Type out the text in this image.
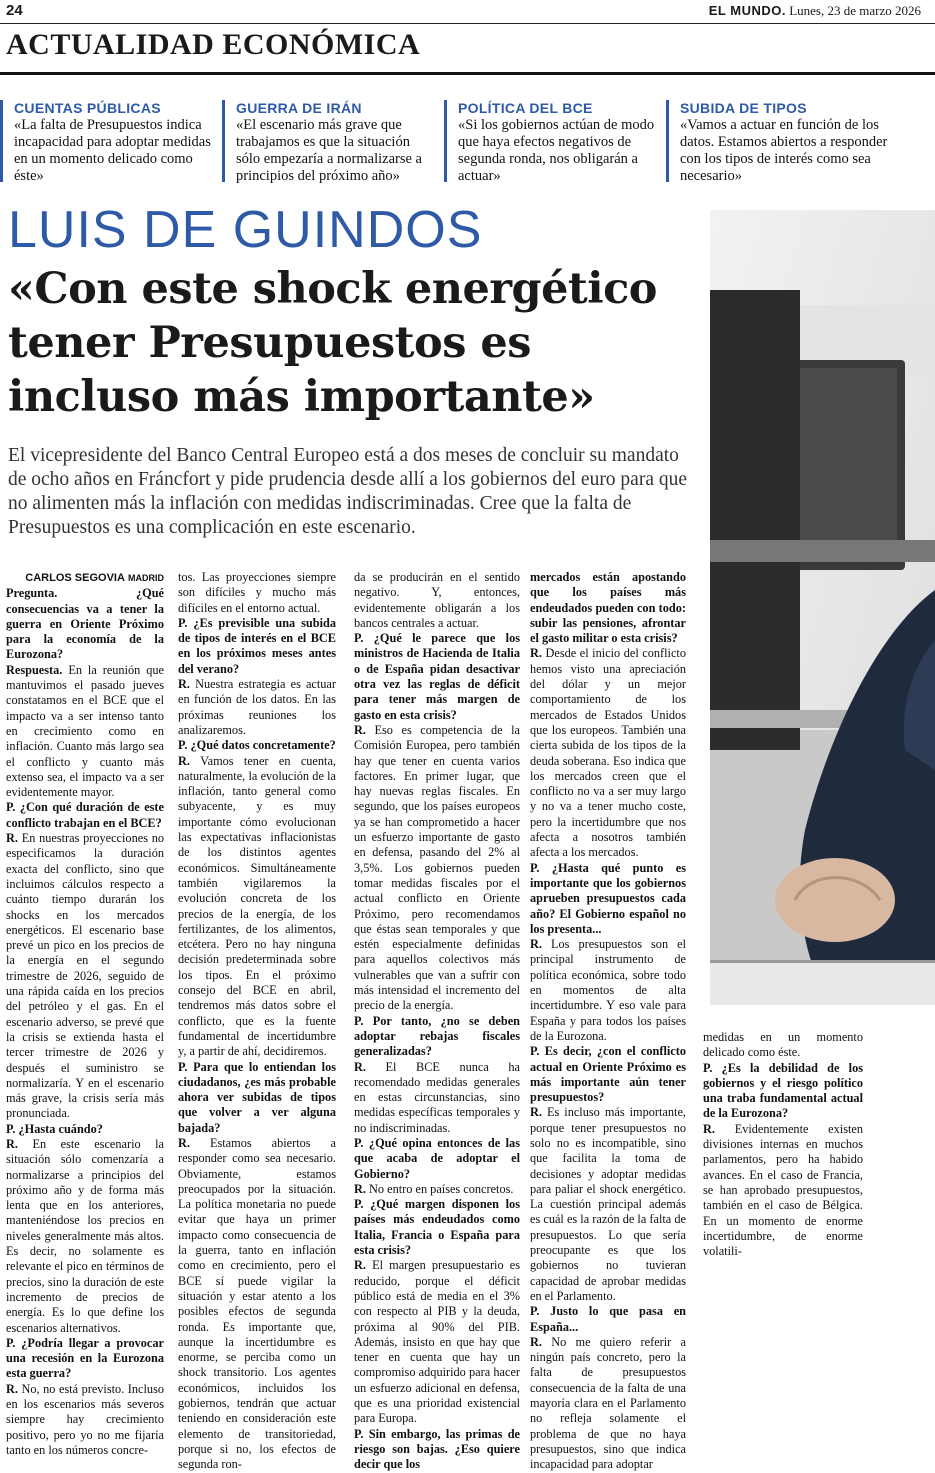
24	EL MUNDO. Lunes, 23 de marzo 2026
ACTUALIDAD ECONÓMICA
CUENTAS PÚBLICAS
«La falta de Presupuestos indica incapacidad para adoptar medidas en un momento delicado como éste»
GUERRA DE IRÁN
«El escenario más grave que trabajamos es que la situación sólo empezaría a normalizarse a principios del próximo año»
POLÍTICA DEL BCE
«Si los gobiernos actúan de modo que haya efectos negativos de segunda ronda, nos obligarán a actuar»
SUBIDA DE TIPOS
«Vamos a actuar en función de los datos. Estamos abiertos a responder con los tipos de interés como sea necesario»
LUIS DE GUINDOS
«Con este shock energético tener Presupuestos es incluso más importante»
El vicepresidente del Banco Central Europeo está a dos meses de concluir su mandato de ocho años en Fráncfort y pide prudencia desde allí a los gobiernos del euro para que no alimenten más la inflación con medidas indiscriminadas. Cree que la falta de Presupuestos es una complicación en este escenario.

CARLOS SEGOVIA MADRID

Pregunta. ¿Qué consecuencias va a tener la guerra en Oriente Próximo para la economía de la Eurozona?

Respuesta. En la reunión que mantuvimos el pasado jueves constatamos en el BCE que el impacto va a ser intenso tanto en crecimiento como en inflación. Cuanto más largo sea el conflicto y cuanto más extenso sea, el impacto va a ser evidentemente mayor.

P. ¿Con qué duración de este conflicto trabajan en el BCE?

R. En nuestras proyecciones no especificamos la duración exacta del conflicto, sino que incluimos cálculos respecto a cuánto tiempo durarán los shocks en los mercados energéticos. El escenario base prevé un pico en los precios de la energía en el segundo trimestre de 2026, seguido de una rápida caída en los precios del petróleo y el gas. En el escenario adverso, se prevé que la crisis se extienda hasta el tercer trimestre de 2026 y después el suministro se normalizaría. Y en el escenario más grave, la crisis sería más pronunciada.

P. ¿Hasta cuándo?

R. En este escenario la situación sólo comenzaría a normalizarse a principios del próximo año y de forma más lenta que en los anteriores, manteniéndose los precios en niveles generalmente más altos. Es decir, no solamente es relevante el pico en términos de precios, sino la duración de este incremento de precios de energía. Es lo que define los escenarios alternativos.

P. ¿Podría llegar a provocar una recesión en la Eurozona esta guerra?

R. No, no está previsto. Incluso en los escenarios más severos siempre hay crecimiento positivo, pero yo no me fijaría tanto en los números concre-

tos. Las proyecciones siempre son difíciles y mucho más difíciles en el entorno actual.

P. ¿Es previsible una subida de tipos de interés en el BCE en los próximos meses antes del verano?

R. Nuestra estrategia es actuar en función de los datos. En las próximas reuniones los analizaremos.

P. ¿Qué datos concretamente?

R. Vamos tener en cuenta, naturalmente, la evolución de la inflación, tanto general como subyacente, y es muy importante cómo evolucionan las expectativas inflacionistas de los distintos agentes económicos. Simultáneamente también vigilaremos la evolución concreta de los precios de la energía, de los fertilizantes, de los alimentos, etcétera. Pero no hay ninguna decisión predeterminada sobre los tipos. En el próximo consejo del BCE en abril, tendremos más datos sobre el conflicto, que es la fuente fundamental de incertidumbre y, a partir de ahí, decidiremos.

P. Para que lo entiendan los ciudadanos, ¿es más probable ahora ver subidas de tipos que volver a ver alguna bajada?

R. Estamos abiertos a responder como sea necesario. Obviamente, estamos preocupados por la situación. La política monetaria no puede evitar que haya un primer impacto como consecuencia de la guerra, tanto en inflación como en crecimiento, pero el BCE sí puede vigilar la situación y estar atento a los posibles efectos de segunda ronda. Es importante que, aunque la incertidumbre es enorme, se perciba como un shock transitorio. Los agentes económicos, incluidos los gobiernos, tendrán que actuar teniendo en consideración este elemento de transitoriedad, porque si no, los efectos de segunda ron-

da se producirán en el sentido negativo. Y, entonces, evidentemente obligarán a los bancos centrales a actuar.

P. ¿Qué le parece que los ministros de Hacienda de Italia o de España pidan desactivar otra vez las reglas de déficit para tener más margen de gasto en esta crisis?

R. Eso es competencia de la Comisión Europea, pero también hay que tener en cuenta varios factores. En primer lugar, que hay nuevas reglas fiscales. En segundo, que los países europeos ya se han comprometido a hacer un esfuerzo importante de gasto en defensa, pasando del 2% al 3,5%. Los gobiernos pueden tomar medidas fiscales por el actual conflicto en Oriente Próximo, pero recomendamos que éstas sean temporales y que estén especialmente definidas para aquellos colectivos más vulnerables que van a sufrir con más intensidad el incremento del precio de la energía.

P. Por tanto, ¿no se deben adoptar rebajas fiscales generalizadas?

R. El BCE nunca ha recomendado medidas generales en estas circunstancias, sino medidas específicas temporales y no indiscriminadas.

P. ¿Qué opina entonces de las que acaba de adoptar el Gobierno?

R. No entro en países concretos.

P. ¿Qué margen disponen los países más endeudados como Italia, Francia o España para esta crisis?

R. El margen presupuestario es reducido, porque el déficit público está de media en el 3% con respecto al PIB y la deuda, próxima al 90% del PIB. Además, insisto en que hay que tener en cuenta que hay un compromiso adquirido para hacer un esfuerzo adicional en defensa, que es una prioridad existencial para Europa.

P. Sin embargo, las primas de riesgo son bajas. ¿Eso quiere decir que los

mercados están apostando que los países más endeudados pueden con todo: subir las pensiones, afrontar el gasto militar o esta crisis?

R. Desde el inicio del conflicto hemos visto una apreciación del dólar y un mejor comportamiento de los mercados de Estados Unidos que los europeos. También una cierta subida de los tipos de la deuda soberana. Eso indica que los mercados creen que el conflicto no va a ser muy largo y no va a tener mucho coste, pero la incertidumbre que nos afecta a nosotros también afecta a los mercados.

P. ¿Hasta qué punto es importante que los gobiernos aprueben presupuestos cada año? El Gobierno español no los presenta...

R. Los presupuestos son el principal instrumento de política económica, sobre todo en momentos de alta incertidumbre. Y eso vale para España y para todos los países de la Eurozona.

P. Es decir, ¿con el conflicto actual en Oriente Próximo es más importante aún tener presupuestos?

R. Es incluso más importante, porque tener presupuestos no solo no es incompatible, sino que facilita la toma de decisiones y adoptar medidas para paliar el shock energético. La cuestión principal además es cuál es la razón de la falta de presupuestos. Lo que sería preocupante es que los gobiernos no tuvieran capacidad de aprobar medidas en el Parlamento.

P. Justo lo que pasa en España...

R. No me quiero referir a ningún país concreto, pero la falta de presupuestos consecuencia de la falta de una mayoría clara en el Parlamento no refleja solamente el problema de que no haya presupuestos, sino que indica incapacidad para adoptar

medidas en un momento delicado como éste.

P. ¿Es la debilidad de los gobiernos y el riesgo político una traba fundamental actual de la Eurozona?

R. Evidentemente existen divisiones internas en muchos parlamentos, pero ha habido avances. En el caso de Francia, se han aprobado presupuestos, también en el caso de Bélgica. En un momento de enorme incertidumbre, de enorme volatili-
